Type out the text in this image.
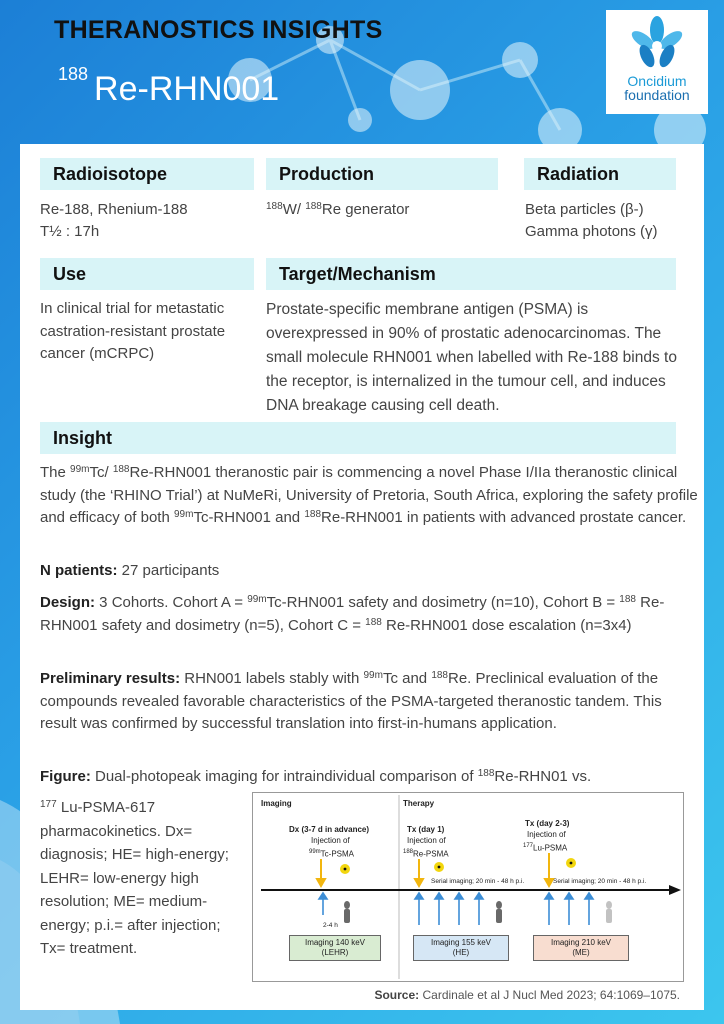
THERANOSTICS INSIGHTS
$^{188}$ Re-RHN001	Oncidium
foundation
Radioisotope	Production	Radiation
Re-188, Rhenium-188
T½ : 17h
$^{188}$W/ $^{188}$Re generator	Beta particles (β-)
Gamma photons (γ)
Use	Target/Mechanism
In clinical trial for metastatic castration-resistant prostate cancer (mCRPC)
Prostate-specific membrane antigen (PSMA) is overexpressed in 90% of prostatic adenocarcinomas. The small molecule RHN001 when labelled with Re-188 binds to the receptor, is internalized in the tumour cell, and induces DNA breakage causing cell death.
Insight
The $^{99m}$Tc/ $^{188}$Re-RHN001 theranostic pair is commencing a novel Phase I/IIa theranostic clinical study (the ‘RHINO Trial’) at NuMeRi, University of Pretoria, South Africa, exploring the safety profile and efficacy of both $^{99m}$Tc-RHN001 and $^{188}$Re-RHN001 in patients with advanced prostate cancer.
N patients: 27 participants
Design: 3 Cohorts. Cohort A = $^{99m}$Tc-RHN001 safety and dosimetry (n=10), Cohort B = $^{188}$ Re-RHN001 safety and dosimetry (n=5), Cohort C = $^{188}$ Re-RHN001 dose escalation (n=3x4)
Preliminary results: RHN001 labels stably with $^{99m}$Tc and $^{188}$Re. Preclinical evaluation of the compounds revealed favorable characteristics of the PSMA-targeted theranostic tandem. This result was confirmed by successful translation into first-in-humans application.
Figure: Dual-photopeak imaging for intraindividual comparison of $^{188}$Re-RHN01 vs.
$^{177}$ Lu-PSMA-617 pharmacokinetics. Dx= diagnosis; HE= high-energy; LEHR= low-energy high resolution; ME= medium-energy; p.i.= after injection; Tx= treatment.
Imaging	Therapy
Dx (3-7 d in advance)
Injection of
$^{99m}$Tc-PSMA
Tx (day 1)
Injection of
$^{188}$Re-PSMA
Tx (day 2-3)
Injection of
$^{177}$Lu-PSMA
Serial imaging; 20 min - 48 h p.i.	Serial imaging; 20 min - 48 h p.i.
2-4 h
Imaging 140 keV
(LEHR)
Imaging 155 keV
(HE)
Imaging 210 keV
(ME)
Source: Cardinale et al J Nucl Med 2023; 64:1069–1075.
